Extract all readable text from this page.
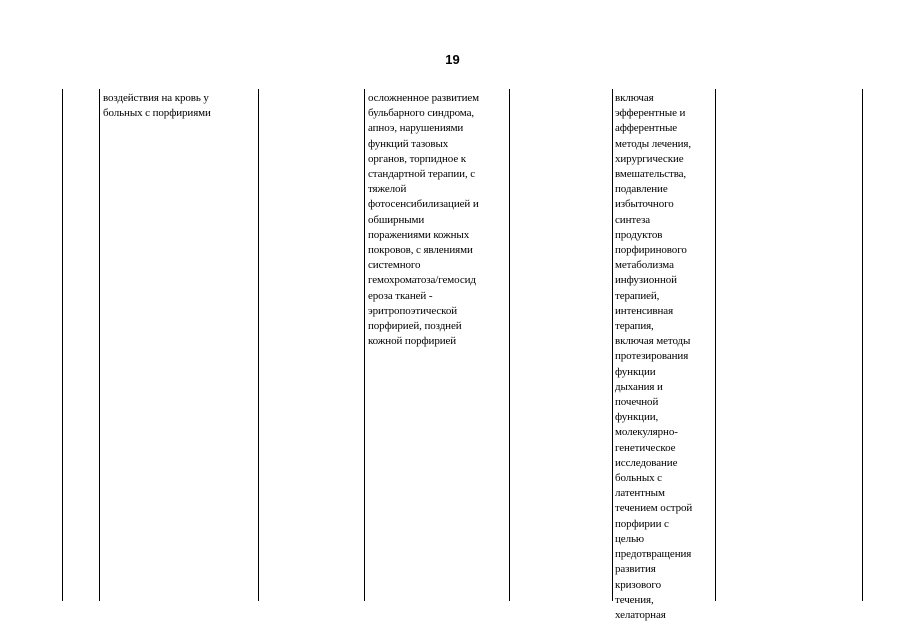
19
воздействия на кровь у
больных с порфириями
осложненное развитием
бульбарного синдрома,
апноэ, нарушениями
функций тазовых
органов, торпидное к
стандартной терапии, с
тяжелой
фотосенсибилизацией и
обширными
поражениями кожных
покровов, с явлениями
системного
гемохроматоза/гемосид
ероза тканей -
эритропоэтической
порфирией, поздней
кожной порфирией
включая
эфферентные и
афферентные
методы лечения,
хирургические
вмешательства,
подавление
избыточного
синтеза
продуктов
порфиринового
метаболизма
инфузионной
терапией,
интенсивная
терапия,
включая методы
протезирования
функции
дыхания и
почечной
функции,
молекулярно-
генетическое
исследование
больных с
латентным
течением острой
порфирии с
целью
предотвращения
развития
кризового
течения,
хелаторная
